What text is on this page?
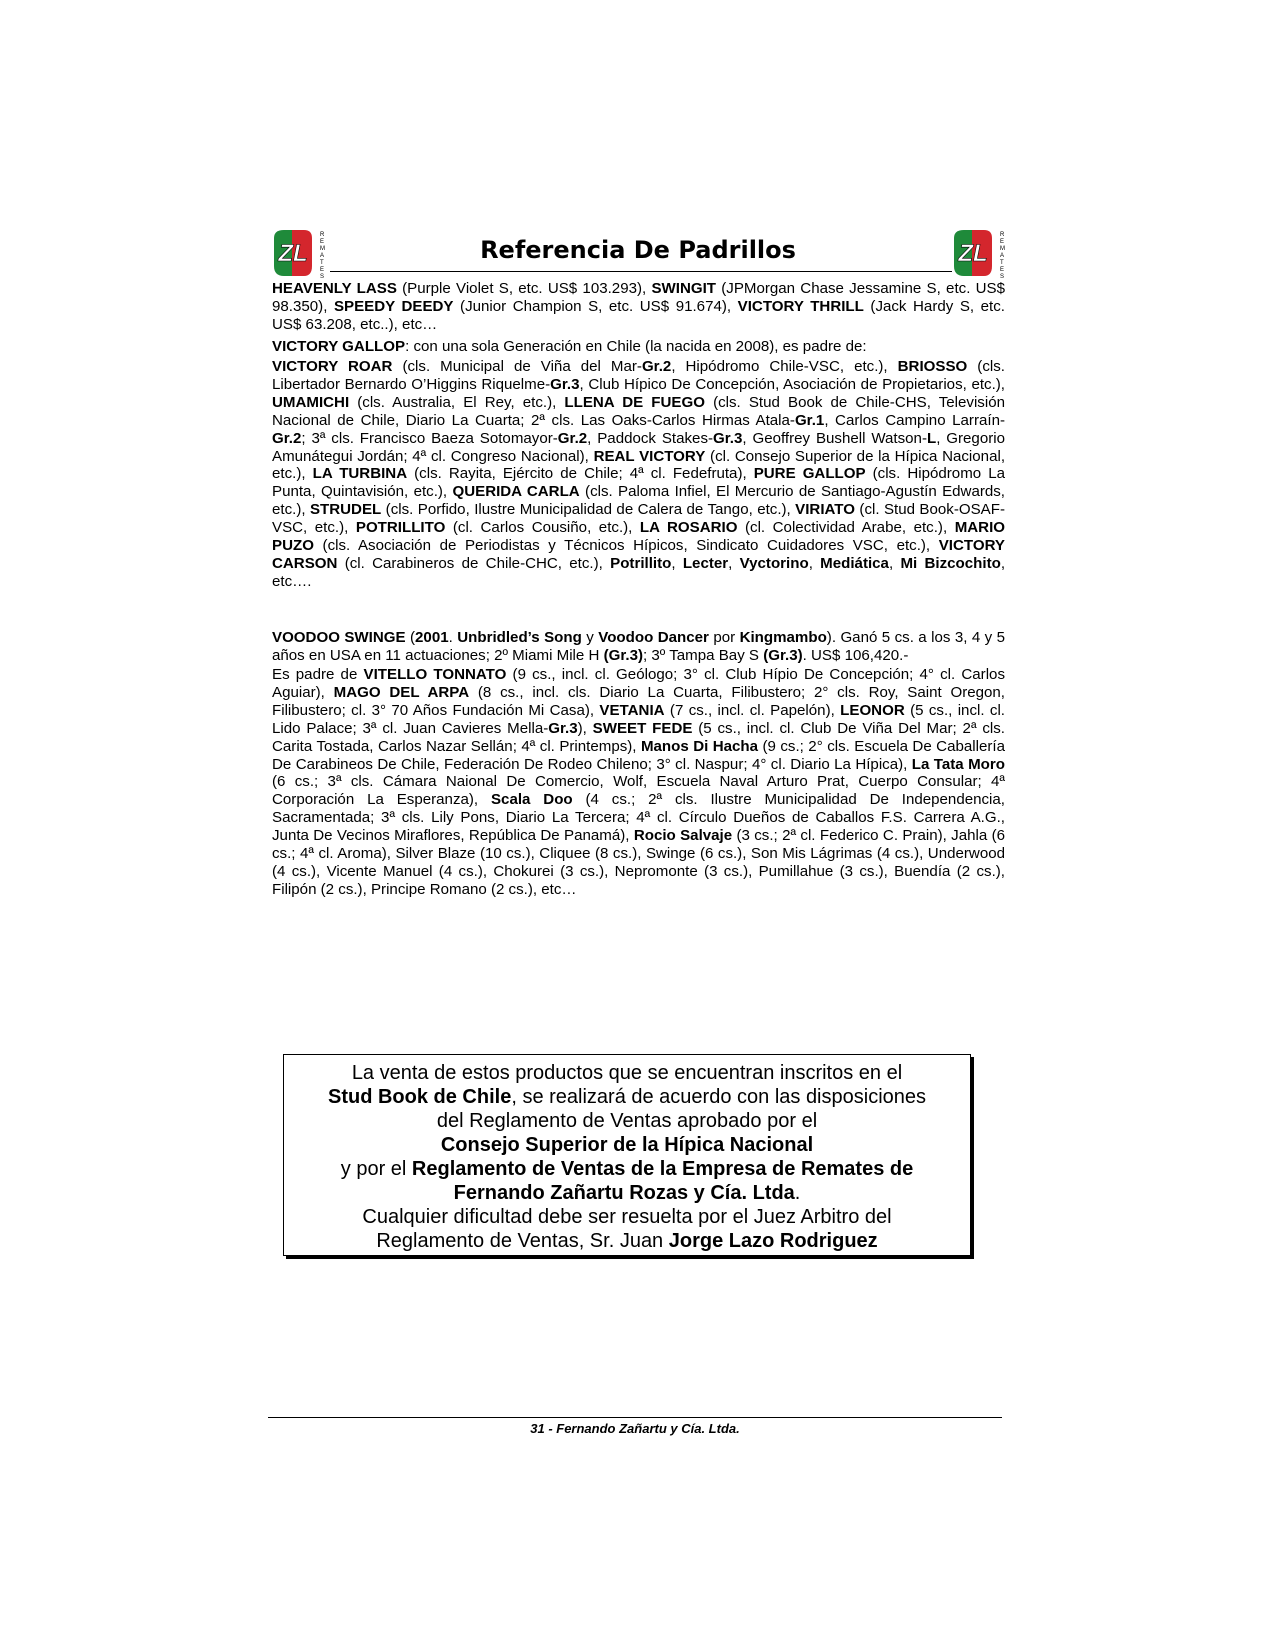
ZL
R
E
M
A
T
E
S
Referencia De Padrillos	ZL
R
E
M
A
T
E
S

HEAVENLY LASS (Purple Violet S, etc. US$ 103.293), SWINGIT (JPMorgan Chase Jessamine S, etc. US$ 98.350), SPEEDY DEEDY (Junior Champion S, etc. US$ 91.674), VICTORY THRILL (Jack Hardy S, etc. US$ 63.208, etc..), etc…

VICTORY GALLOP: con una sola Generación en Chile (la nacida en 2008), es padre de:

VICTORY ROAR (cls. Municipal de Viña del Mar-Gr.2, Hipódromo Chile-VSC, etc.), BRIOSSO (cls. Libertador Bernardo O’Higgins Riquelme-Gr.3, Club Hípico De Concepción, Asociación de Propietarios, etc.), UMAMICHI (cls. Australia, El Rey, etc.), LLENA DE FUEGO (cls. Stud Book de Chile-CHS, Televisión Nacional de Chile, Diario La Cuarta; 2ª cls. Las Oaks-Carlos Hirmas Atala-Gr.1, Carlos Campino Larraín-Gr.2; 3ª cls. Francisco Baeza Sotomayor-Gr.2, Paddock Stakes-Gr.3, Geoffrey Bushell Watson-L, Gregorio Amunátegui Jordán; 4ª cl. Congreso Nacional), REAL VICTORY (cl. Consejo Superior de la Hípica Nacional, etc.), LA TURBINA (cls. Rayita, Ejército de Chile; 4ª cl. Fedefruta), PURE GALLOP (cls. Hipódromo La Punta, Quintavisión, etc.), QUERIDA CARLA (cls. Paloma Infiel, El Mercurio de Santiago-Agustín Edwards, etc.), STRUDEL (cls. Porfido, Ilustre Municipalidad de Calera de Tango, etc.), VIRIATO (cl. Stud Book-OSAF-VSC, etc.), POTRILLITO (cl. Carlos Cousiño, etc.), LA ROSARIO (cl. Colectividad Arabe, etc.), MARIO PUZO (cls. Asociación de Periodistas y Técnicos Hípicos, Sindicato Cuidadores VSC, etc.), VICTORY CARSON (cl. Carabineros de Chile-CHC, etc.), Potrillito, Lecter, Vyctorino, Mediática, Mi Bizcochito, etc….

VOODOO SWINGE (2001. Unbridled’s Song y Voodoo Dancer por Kingmambo). Ganó 5 cs. a los 3, 4 y 5 años en USA en 11 actuaciones; 2º Miami Mile H (Gr.3); 3º Tampa Bay S (Gr.3). US$ 106,420.-

Es padre de VITELLO TONNATO (9 cs., incl. cl. Geólogo; 3° cl. Club Hípio De Concepción; 4° cl. Carlos Aguiar), MAGO DEL ARPA (8 cs., incl. cls. Diario La Cuarta, Filibustero; 2° cls. Roy, Saint Oregon, Filibustero; cl. 3° 70 Años Fundación Mi Casa), VETANIA (7 cs., incl. cl. Papelón), LEONOR (5 cs., incl. cl. Lido Palace; 3ª cl. Juan Cavieres Mella-Gr.3), SWEET FEDE (5 cs., incl. cl. Club De Viña Del Mar; 2ª cls. Carita Tostada, Carlos Nazar Sellán; 4ª cl. Printemps), Manos Di Hacha (9 cs.; 2° cls. Escuela De Caballería De Carabineos De Chile, Federación De Rodeo Chileno; 3° cl. Naspur; 4° cl. Diario La Hípica), La Tata Moro (6 cs.; 3ª cls. Cámara Naional De Comercio, Wolf, Escuela Naval Arturo Prat, Cuerpo Consular; 4ª Corporación La Esperanza), Scala Doo (4 cs.; 2ª cls. Ilustre Municipalidad De Independencia, Sacramentada; 3ª cls. Lily Pons, Diario La Tercera; 4ª cl. Círculo Dueños de Caballos F.S. Carrera A.G., Junta De Vecinos Miraflores, República De Panamá), Rocio Salvaje (3 cs.; 2ª cl. Federico C. Prain), Jahla (6 cs.; 4ª cl. Aroma), Silver Blaze (10 cs.), Cliquee (8 cs.), Swinge (6 cs.), Son Mis Lágrimas (4 cs.), Underwood (4 cs.), Vicente Manuel (4 cs.), Chokurei (3 cs.), Nepromonte (3 cs.), Pumillahue (3 cs.), Buendía (2 cs.), Filipón (2 cs.), Principe Romano (2 cs.), etc…

La venta de estos productos que se encuentran inscritos en el
Stud Book de Chile, se realizará de acuerdo con las disposiciones
del Reglamento de Ventas aprobado por el
Consejo Superior de la Hípica Nacional
y por el Reglamento de Ventas de la Empresa de Remates de
Fernando Zañartu Rozas y Cía. Ltda.
Cualquier dificultad debe ser resuelta por el Juez Arbitro del
Reglamento de Ventas, Sr. Juan Jorge Lazo Rodriguez
31 - Fernando Zañartu y Cía. Ltda.
